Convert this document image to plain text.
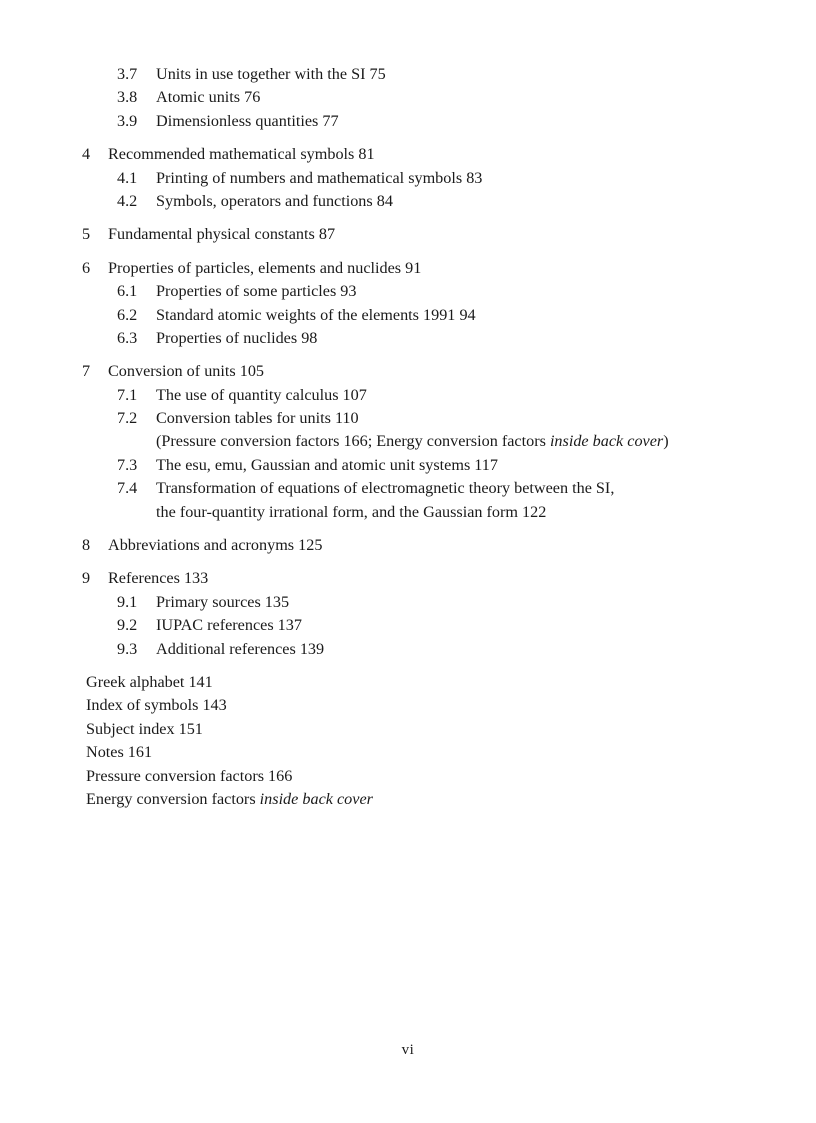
3.7 Units in use together with the SI 75
3.8 Atomic units 76
3.9 Dimensionless quantities 77
4 Recommended mathematical symbols 81
4.1 Printing of numbers and mathematical symbols 83
4.2 Symbols, operators and functions 84
5 Fundamental physical constants 87
6 Properties of particles, elements and nuclides 91
6.1 Properties of some particles 93
6.2 Standard atomic weights of the elements 1991 94
6.3 Properties of nuclides 98
7 Conversion of units 105
7.1 The use of quantity calculus 107
7.2 Conversion tables for units 110
(Pressure conversion factors 166; Energy conversion factors inside back cover)
7.3 The esu, emu, Gaussian and atomic unit systems 117
7.4 Transformation of equations of electromagnetic theory between the SI,
the four-quantity irrational form, and the Gaussian form 122
8 Abbreviations and acronyms 125
9 References 133
9.1 Primary sources 135
9.2 IUPAC references 137
9.3 Additional references 139
Greek alphabet 141
Index of symbols 143
Subject index 151
Notes 161
Pressure conversion factors 166
Energy conversion factors inside back cover
vi
